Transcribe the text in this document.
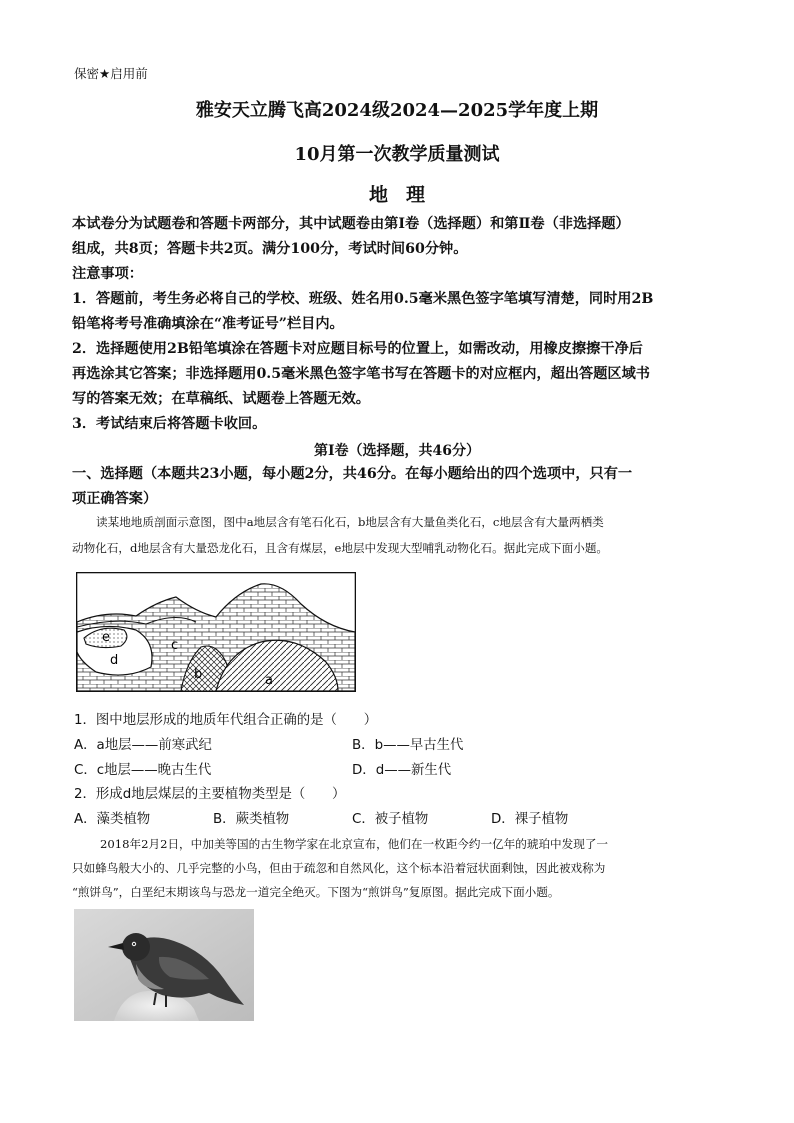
保密★启用前
雅安天立腾飞高2024级2024—2025学年度上期
10月第一次教学质量测试
地理
本试卷分为试题卷和答题卡两部分，其中试题卷由第Ⅰ卷（选择题）和第Ⅱ卷（非选择题）
组成，共8页；答题卡共2页。满分100分，考试时间60分钟。
注意事项：
1．答题前，考生务必将自己的学校、班级、姓名用0.5毫米黑色签字笔填写清楚，同时用2B
铅笔将考号准确填涂在“准考证号”栏目内。
2．选择题使用2B铅笔填涂在答题卡对应题目标号的位置上，如需改动，用橡皮擦擦干净后
再选涂其它答案；非选择题用0.5毫米黑色签字笔书写在答题卡的对应框内，超出答题区域书
写的答案无效；在草稿纸、试题卷上答题无效。
3．考试结束后将答题卡收回。
第Ⅰ卷（选择题，共46分）
一、选择题（本题共23小题，每小题2分，共46分。在每小题给出的四个选项中，只有一
项正确答案）
读某地地质剖面示意图，图中a地层含有笔石化石，b地层含有大量鱼类化石，c地层含有大量两栖类
动物化石，d地层含有大量恐龙化石，且含有煤层，e地层中发现大型哺乳动物化石。据此完成下面小题。
e
d
c
b	a
1．图中地层形成的地质年代组合正确的是（　　）
A．a地层——前寒武纪	B．b——早古生代
C．c地层——晚古生代	D．d——新生代
2．形成d地层煤层的主要植物类型是（　　）
A．藻类植物	B．蕨类植物	C．被子植物	D．裸子植物
2018年2月2日，中加美等国的古生物学家在北京宣布，他们在一枚距今约一亿年的琥珀中发现了一
只如蜂鸟般大小的、几乎完整的小鸟，但由于疏忽和自然风化，这个标本沿着冠状面剩蚀，因此被戏称为
“煎饼鸟”，白垩纪末期该鸟与恐龙一道完全绝灭。下图为“煎饼鸟”复原图。据此完成下面小题。
